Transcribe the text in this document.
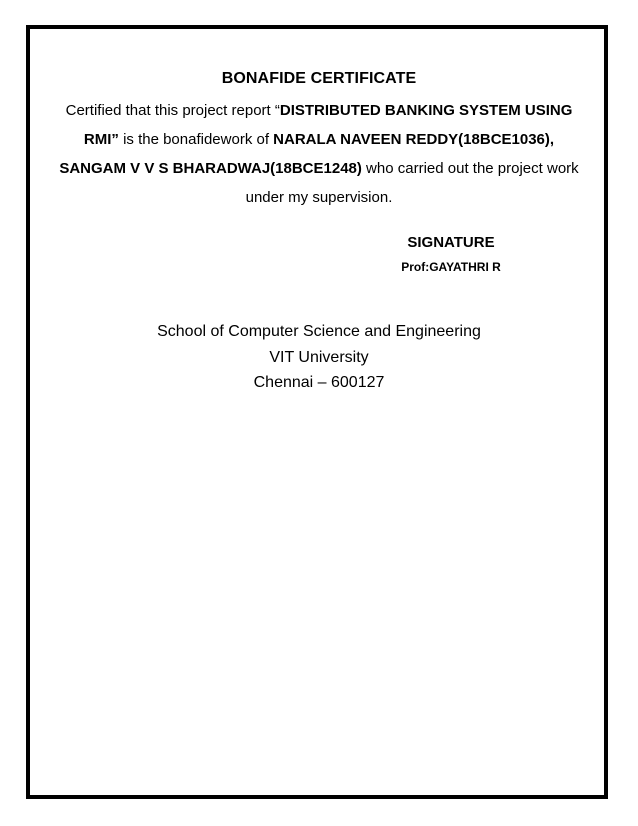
BONAFIDE CERTIFICATE
Certified that this project report “DISTRIBUTED BANKING SYSTEM USING RMI” is the bonafidework of NARALA NAVEEN REDDY(18BCE1036), SANGAM V V S BHARADWAJ(18BCE1248) who carried out the project work under my supervision.
SIGNATURE
Prof:GAYATHRI R
School of Computer Science and Engineering
VIT University
Chennai – 600127
